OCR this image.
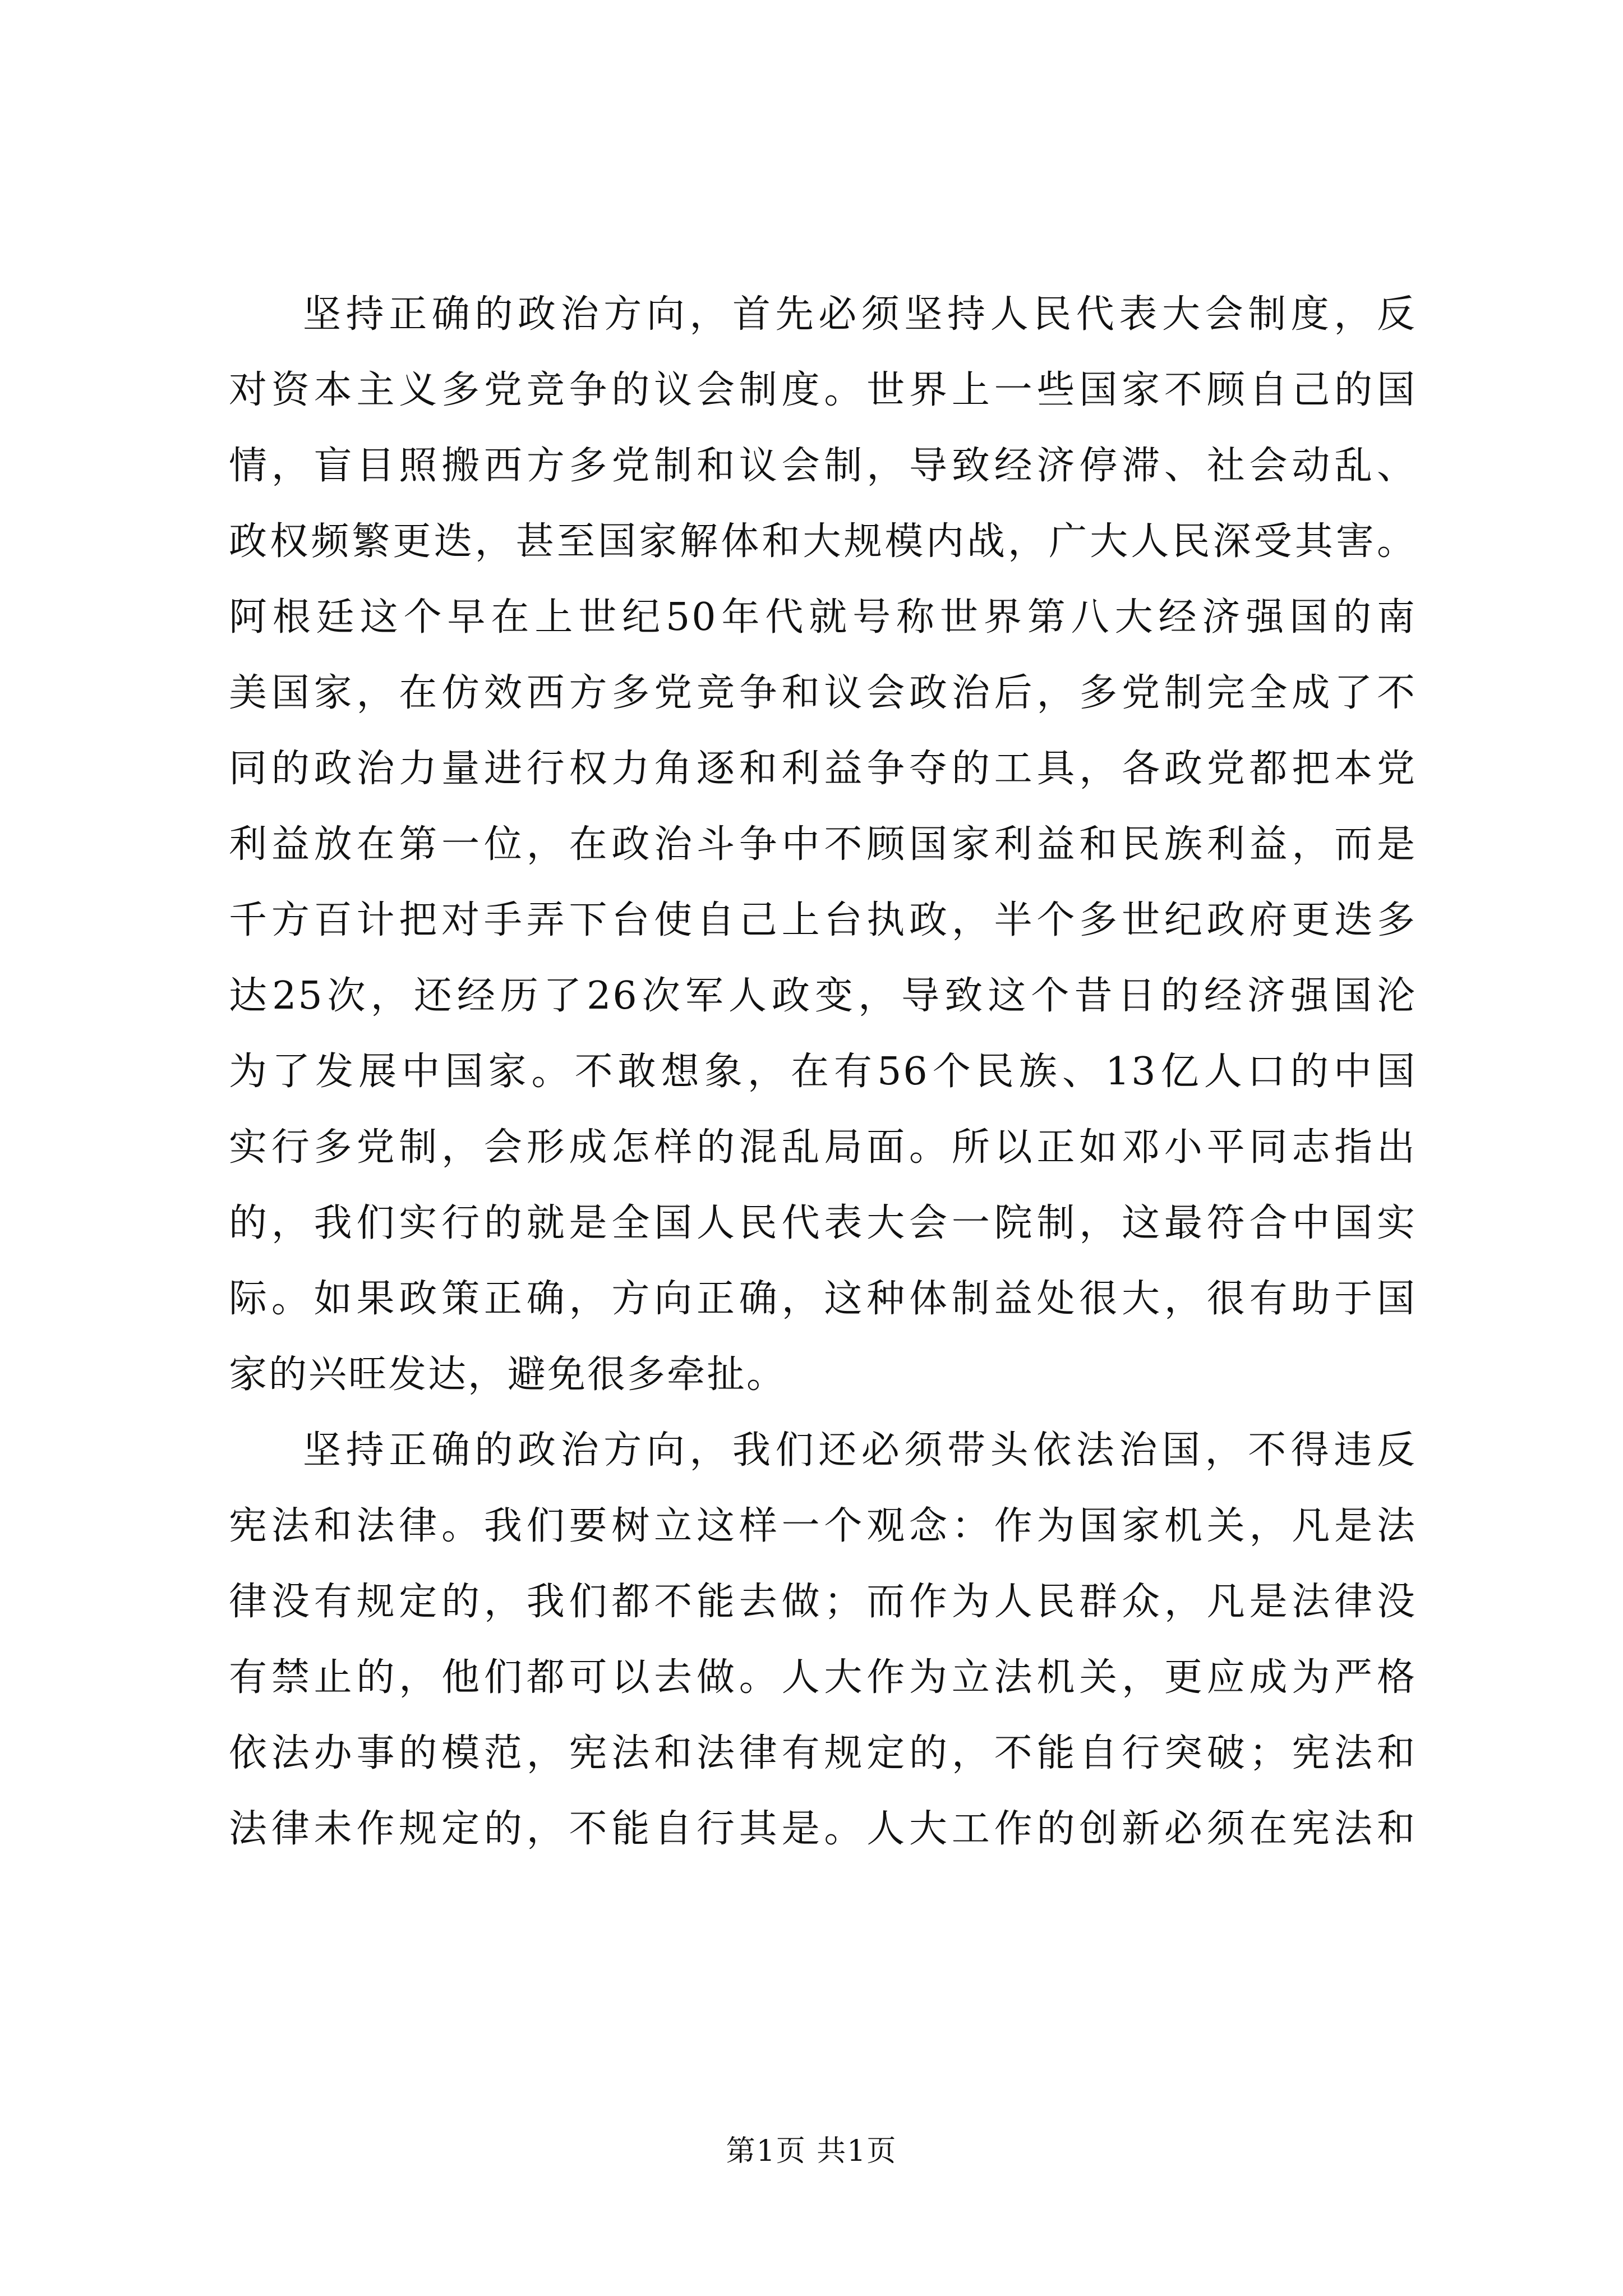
坚持正确的政治方向，首先必须坚持人民代表大会制度，反
对资本主义多党竞争的议会制度。世界上一些国家不顾自己的国
情，盲目照搬西方多党制和议会制，导致经济停滞、社会动乱、
政权频繁更迭，甚至国家解体和大规模内战，广大人民深受其害。
阿根廷这个早在上世纪50年代就号称世界第八大经济强国的南
美国家，在仿效西方多党竞争和议会政治后，多党制完全成了不
同的政治力量进行权力角逐和利益争夺的工具，各政党都把本党
利益放在第一位，在政治斗争中不顾国家利益和民族利益，而是
千方百计把对手弄下台使自己上台执政，半个多世纪政府更迭多
达25次，还经历了26次军人政变，导致这个昔日的经济强国沦
为了发展中国家。不敢想象，在有56个民族、13亿人口的中国
实行多党制，会形成怎样的混乱局面。所以正如邓小平同志指出
的，我们实行的就是全国人民代表大会一院制，这最符合中国实
际。如果政策正确，方向正确，这种体制益处很大，很有助于国
家的兴旺发达，避免很多牵扯。
坚持正确的政治方向，我们还必须带头依法治国，不得违反
宪法和法律。我们要树立这样一个观念：作为国家机关，凡是法
律没有规定的，我们都不能去做；而作为人民群众，凡是法律没
有禁止的，他们都可以去做。人大作为立法机关，更应成为严格
依法办事的模范，宪法和法律有规定的，不能自行突破；宪法和
法律未作规定的，不能自行其是。人大工作的创新必须在宪法和
第1页 共1页
